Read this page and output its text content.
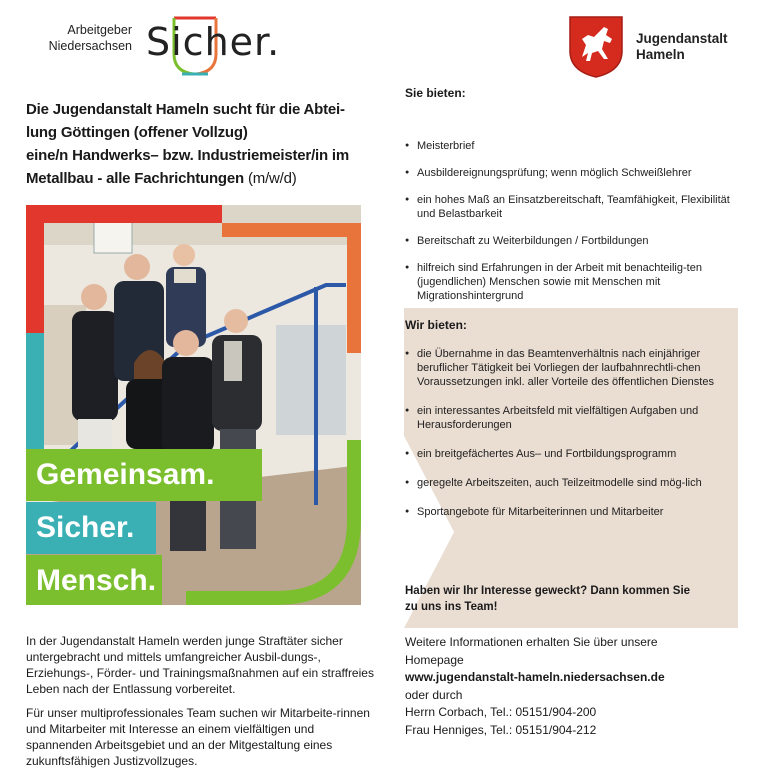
Arbeitgeber
Niedersachsen Sicher.	Jugendanstalt
Hameln
Die Jugendanstalt Hameln sucht für die Abtei-
lung Göttingen (offener Vollzug)
eine/n Handwerks– bzw. Industriemeister/in im
Metallbau - alle Fachrichtungen (m/w/d)
Gemeinsam.
Sicher.
Mensch.

In der Jugendanstalt Hameln werden junge Straftäter sicher untergebracht und mittels umfangreicher Ausbil-dungs-, Erziehungs-, Förder- und Trainingsmaßnahmen auf ein straffreies Leben nach der Entlassung vorbereitet.

Für unser multiprofessionales Team suchen wir Mitarbeite-rinnen und Mitarbeiter mit Interesse an einem vielfältigen und spannenden Arbeitsgebiet und an der Mitgestaltung eines zukunftsfähigen Justizvollzuges.

Sie bieten:
● Meisterbrief
● Ausbildereignungsprüfung; wenn möglich Schweißlehrer
● ein hohes Maß an Einsatzbereitschaft, Teamfähigkeit, Flexibilität und Belastbarkeit
● Bereitschaft zu Weiterbildungen / Fortbildungen
● hilfreich sind Erfahrungen in der Arbeit mit benachteilig-ten (jugendlichen) Menschen sowie mit Menschen mit Migrationshintergrund
Wir bieten:
● die Übernahme in das Beamtenverhältnis nach einjähriger beruflicher Tätigkeit bei Vorliegen der laufbahnrechtli-chen Voraussetzungen inkl. aller Vorteile des öffentlichen Dienstes
● ein interessantes Arbeitsfeld mit vielfältigen Aufgaben und Herausforderungen
● ein breitgefächertes Aus– und Fortbildungsprogramm
● geregelte Arbeitszeiten, auch Teilzeitmodelle sind mög-lich
● Sportangebote für Mitarbeiterinnen und Mitarbeiter
Haben wir Ihr Interesse geweckt? Dann kommen Sie
zu uns ins Team!
Weitere Informationen erhalten Sie über unsere
Homepage
www.jugendanstalt-hameln.niedersachsen.de
oder durch
Herrn Corbach, Tel.: 05151/904-200
Frau Henniges, Tel.: 05151/904-212
